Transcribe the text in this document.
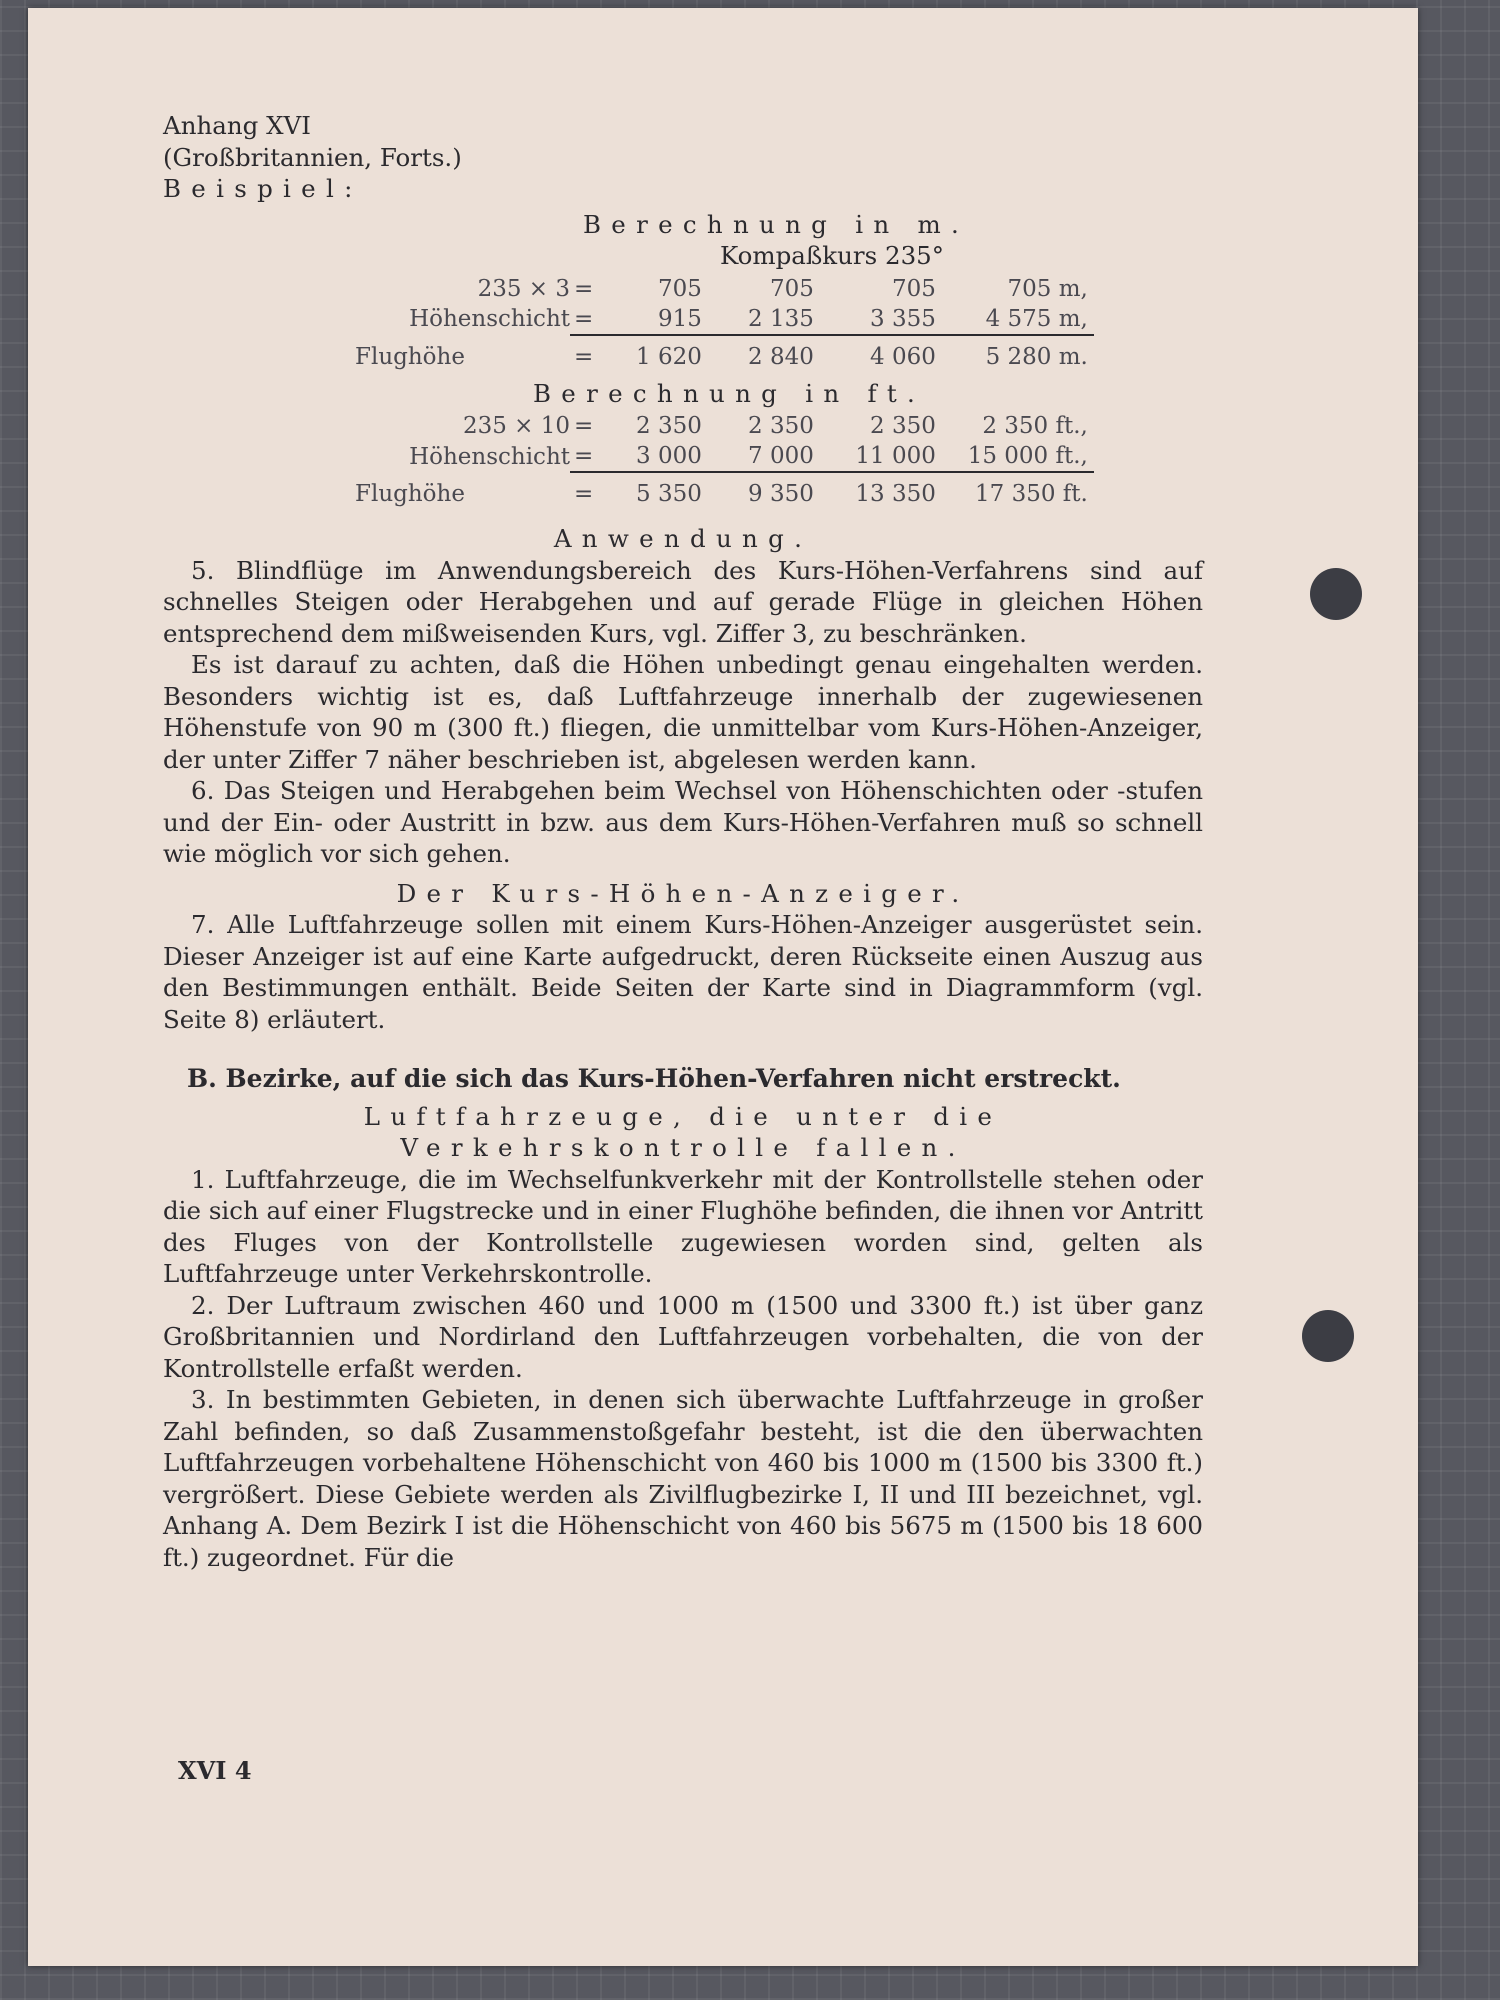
Anhang XVI
(Großbritannien, Forts.)
Beispiel:
Berechnung in m.
Kompaßkurs 235°
235 × 3	=	705	705	705	705 m,
Höhenschicht	=	915	2 135	3 355	4 575 m,

Flughöhe	=	1 620	2 840	4 060	5 280 m.
Berechnung in ft.
235 × 10	=	2 350	2 350	2 350	2 350 ft.,
Höhenschicht	=	3 000	7 000	11 000	15 000 ft.,

Flughöhe	=	5 350	9 350	13 350	17 350 ft.
Anwendung.

5. Blindflüge im Anwendungsbereich des Kurs-Höhen-Verfahrens sind auf schnelles Steigen oder Herabgehen und auf gerade Flüge in gleichen Höhen entsprechend dem mißweisenden Kurs, vgl. Ziffer 3, zu beschränken.

Es ist darauf zu achten, daß die Höhen unbedingt genau eingehalten werden. Besonders wichtig ist es, daß Luftfahrzeuge innerhalb der zugewiesenen Höhenstufe von 90 m (300 ft.) fliegen, die unmittelbar vom Kurs-Höhen-Anzeiger, der unter Ziffer 7 näher beschrieben ist, abgelesen werden kann.

6. Das Steigen und Herabgehen beim Wechsel von Höhenschichten oder -stufen und der Ein- oder Austritt in bzw. aus dem Kurs-Höhen-Verfahren muß so schnell wie möglich vor sich gehen.

Der Kurs-Höhen-Anzeiger.

7. Alle Luftfahrzeuge sollen mit einem Kurs-Höhen-Anzeiger ausgerüstet sein. Dieser Anzeiger ist auf eine Karte aufgedruckt, deren Rückseite einen Auszug aus den Bestimmungen enthält. Beide Seiten der Karte sind in Diagrammform (vgl. Seite 8) erläutert.

B. Bezirke, auf die sich das Kurs-Höhen-Verfahren nicht erstreckt.
Luftfahrzeuge, die unter die Verkehrskontrolle fallen.

1. Luftfahrzeuge, die im Wechselfunkverkehr mit der Kontrollstelle stehen oder die sich auf einer Flugstrecke und in einer Flughöhe befinden, die ihnen vor Antritt des Fluges von der Kontrollstelle zugewiesen worden sind, gelten als Luftfahrzeuge unter Verkehrskontrolle.

2. Der Luftraum zwischen 460 und 1000 m (1500 und 3300 ft.) ist über ganz Großbritannien und Nordirland den Luftfahrzeugen vorbehalten, die von der Kontrollstelle erfaßt werden.

3. In bestimmten Gebieten, in denen sich überwachte Luftfahrzeuge in großer Zahl befinden, so daß Zusammenstoßgefahr besteht, ist die den überwachten Luftfahrzeugen vorbehaltene Höhenschicht von 460 bis 1000 m (1500 bis 3300 ft.) vergrößert. Diese Gebiete werden als Zivilflugbezirke I, II und III bezeichnet, vgl. Anhang A. Dem Bezirk I ist die Höhenschicht von 460 bis 5675 m (1500 bis 18 600 ft.) zugeordnet. Für die

XVI 4
